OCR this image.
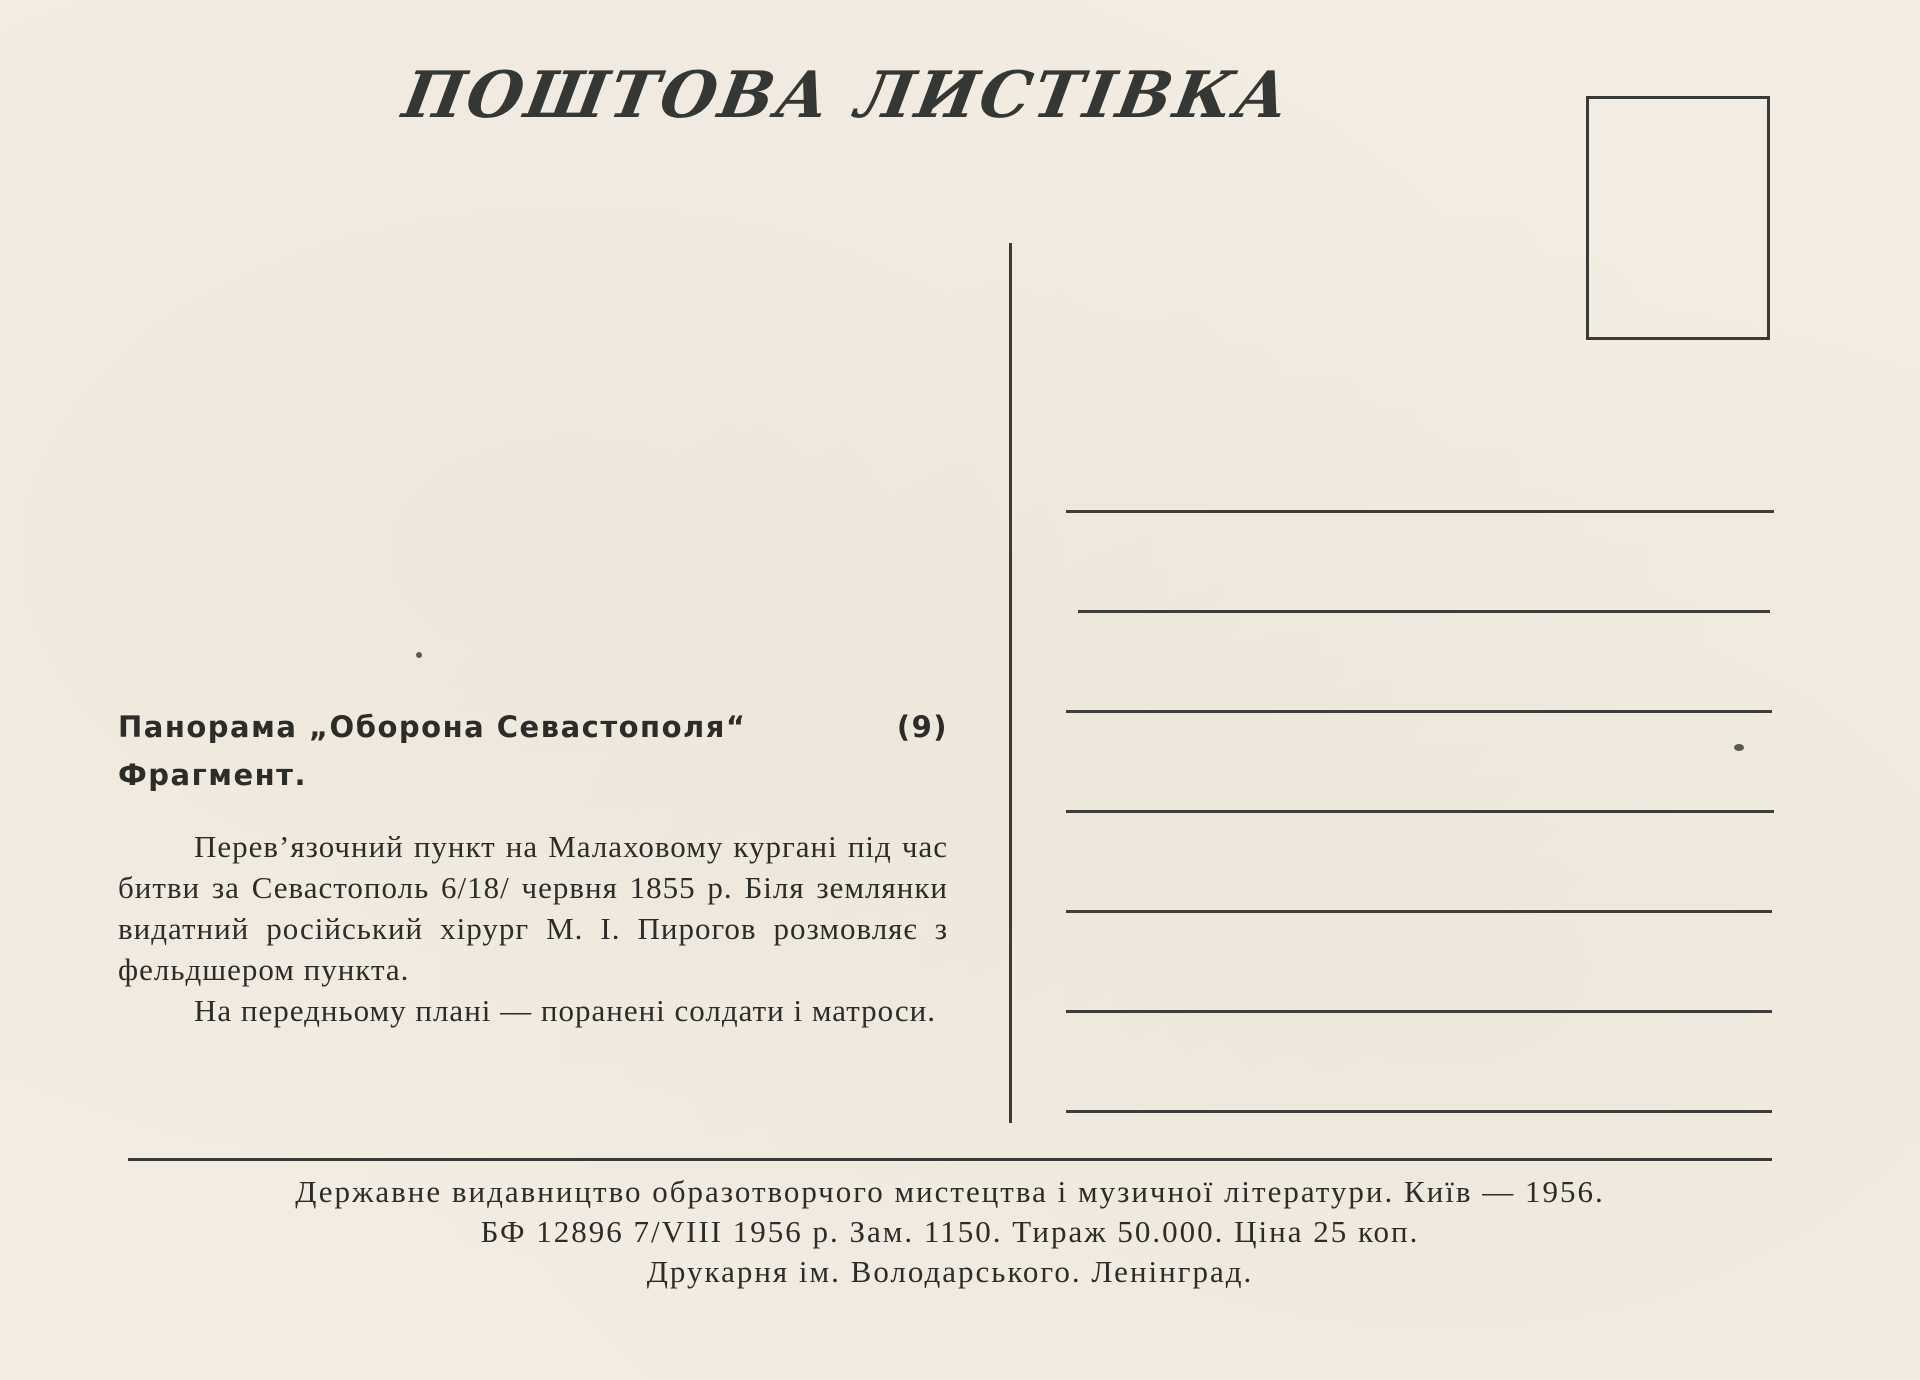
ПОШТОВА ЛИСТІВКА
Панорама „Оборона Севастополя“	(9)
Фрагмент.

Перев’язочний пункт на Малаховому кургані під час битви за Севастополь 6/18/ червня 1855 р. Біля землянки видатний російський хірург М. І. Пирогов розмовляє з фельдшером пункта.

На передньому плані — поранені солдати і матроси.

Державне видавництво образотворчого мистецтва і музичної літератури. Київ — 1956.
БФ 12896 7/VIII 1956 р. Зам. 1150. Тираж 50.000. Ціна 25 коп.
Друкарня ім. Володарського. Ленінград.
